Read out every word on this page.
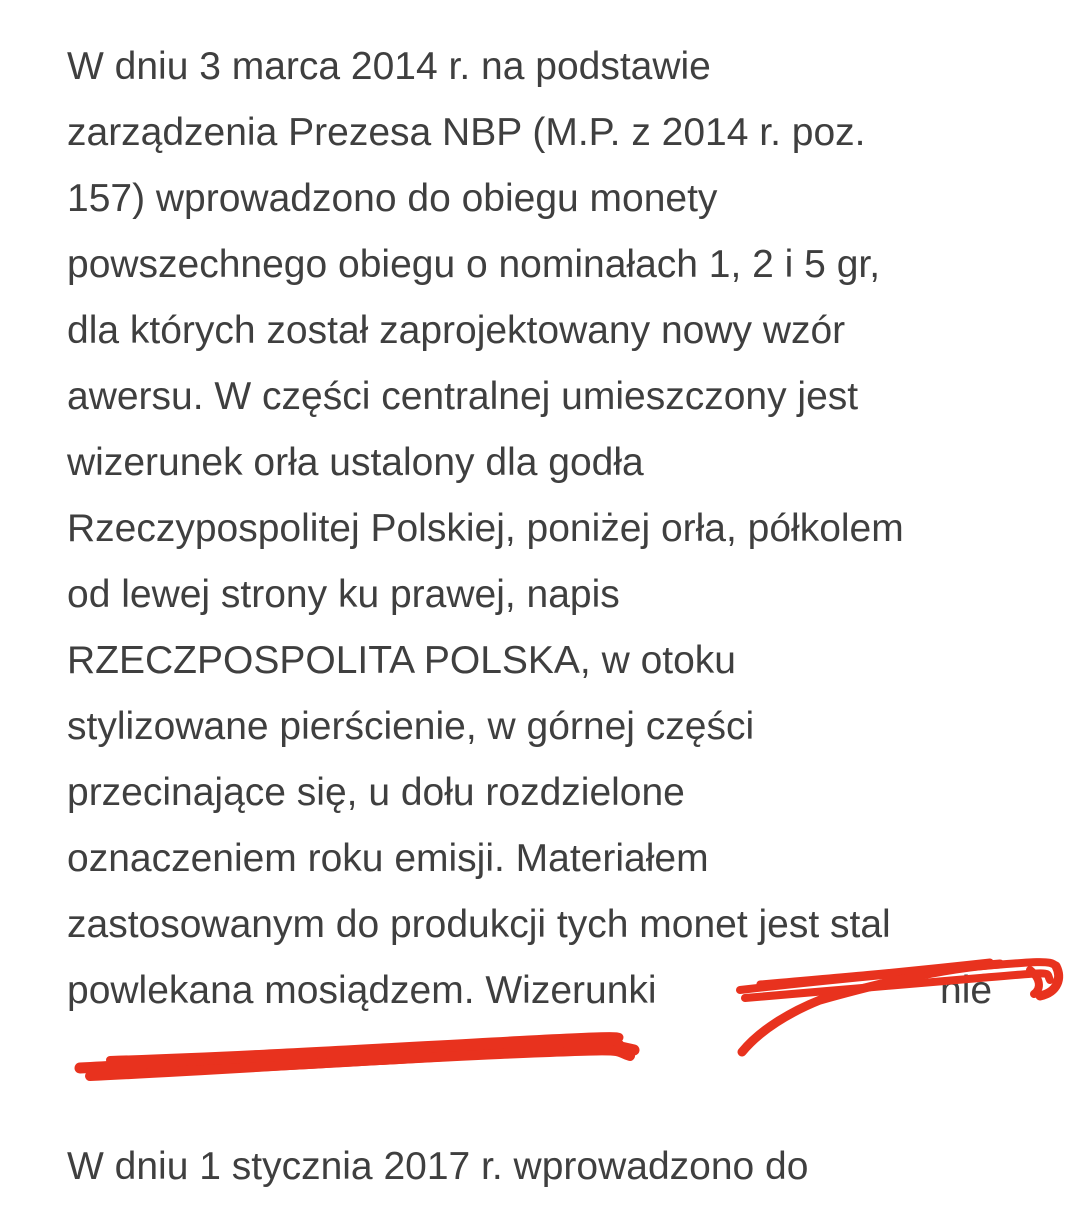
W dniu 3 marca 2014 r. na podstawie
zarządzenia Prezesa NBP (M.P. z 2014 r. poz.
157) wprowadzono do obiegu monety
powszechnego obiegu o nominałach 1, 2 i 5 gr,
dla których został zaprojektowany nowy wzór
awersu. W części centralnej umieszczony jest
wizerunek orła ustalony dla godła
Rzeczypospolitej Polskiej, poniżej orła, półkolem
od lewej strony ku prawej, napis
RZECZPOSPOLITA POLSKA, w otoku
stylizowane pierścienie, w górnej części
przecinające się, u dołu rozdzielone
oznaczeniem roku emisji. Materiałem
zastosowanym do produkcji tych monet jest stal
powlekana mosiądzem. Wizerunki	nie
W dniu 1 stycznia 2017 r. wprowadzono do
